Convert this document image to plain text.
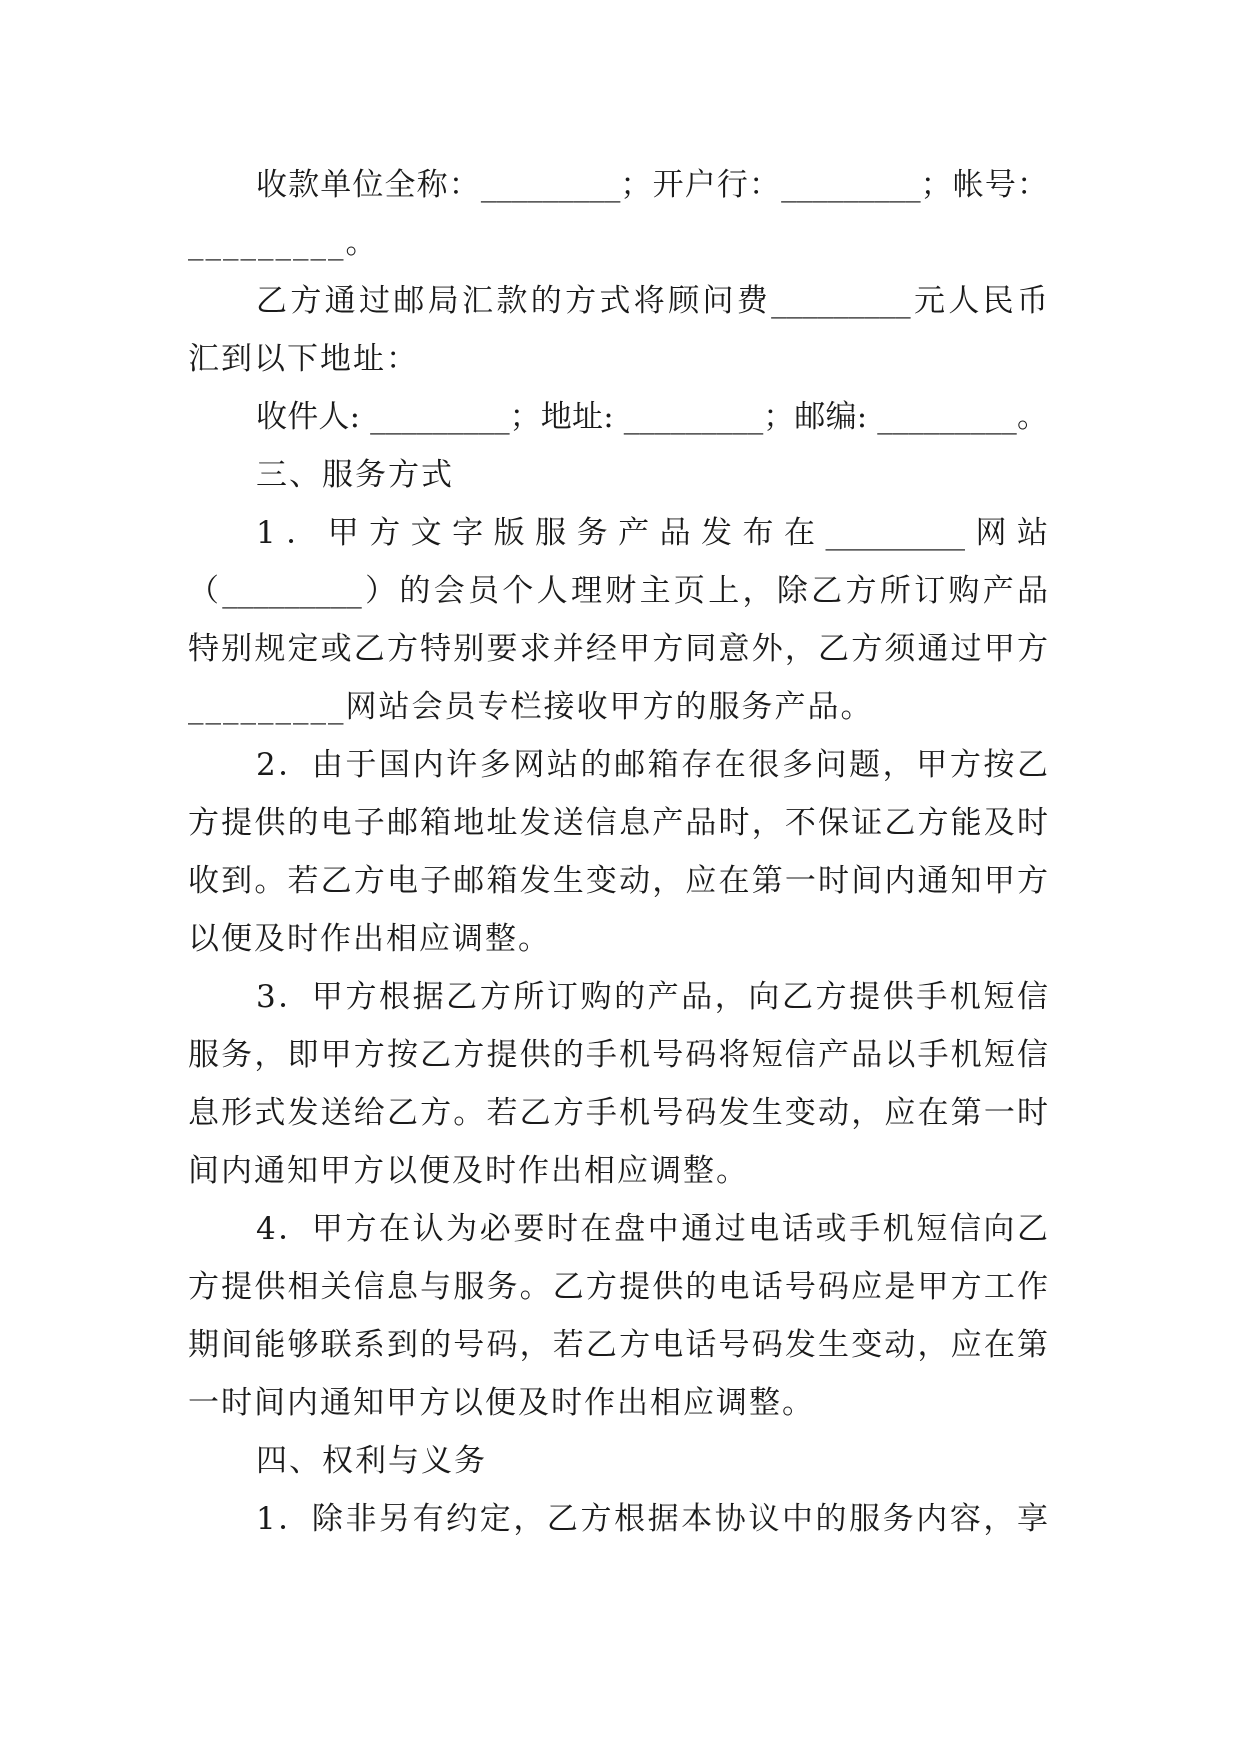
收款单位全称：_________；开户行：_________；帐号：
_________。
乙方通过邮局汇款的方式将顾问费_________元人民币
汇到以下地址：
收件人: _________；地址: _________；邮编: _________。
三、服务方式
1．甲方文字版服务产品发布在_________网站
（_________）的会员个人理财主页上，除乙方所订购产品
特别规定或乙方特别要求并经甲方同意外，乙方须通过甲方
_________网站会员专栏接收甲方的服务产品。
2．由于国内许多网站的邮箱存在很多问题，甲方按乙
方提供的电子邮箱地址发送信息产品时，不保证乙方能及时
收到。若乙方电子邮箱发生变动，应在第一时间内通知甲方
以便及时作出相应调整。
3．甲方根据乙方所订购的产品，向乙方提供手机短信
服务，即甲方按乙方提供的手机号码将短信产品以手机短信
息形式发送给乙方。若乙方手机号码发生变动，应在第一时
间内通知甲方以便及时作出相应调整。
4．甲方在认为必要时在盘中通过电话或手机短信向乙
方提供相关信息与服务。乙方提供的电话号码应是甲方工作
期间能够联系到的号码，若乙方电话号码发生变动，应在第
一时间内通知甲方以便及时作出相应调整。
四、权利与义务
1．除非另有约定，乙方根据本协议中的服务内容，享
